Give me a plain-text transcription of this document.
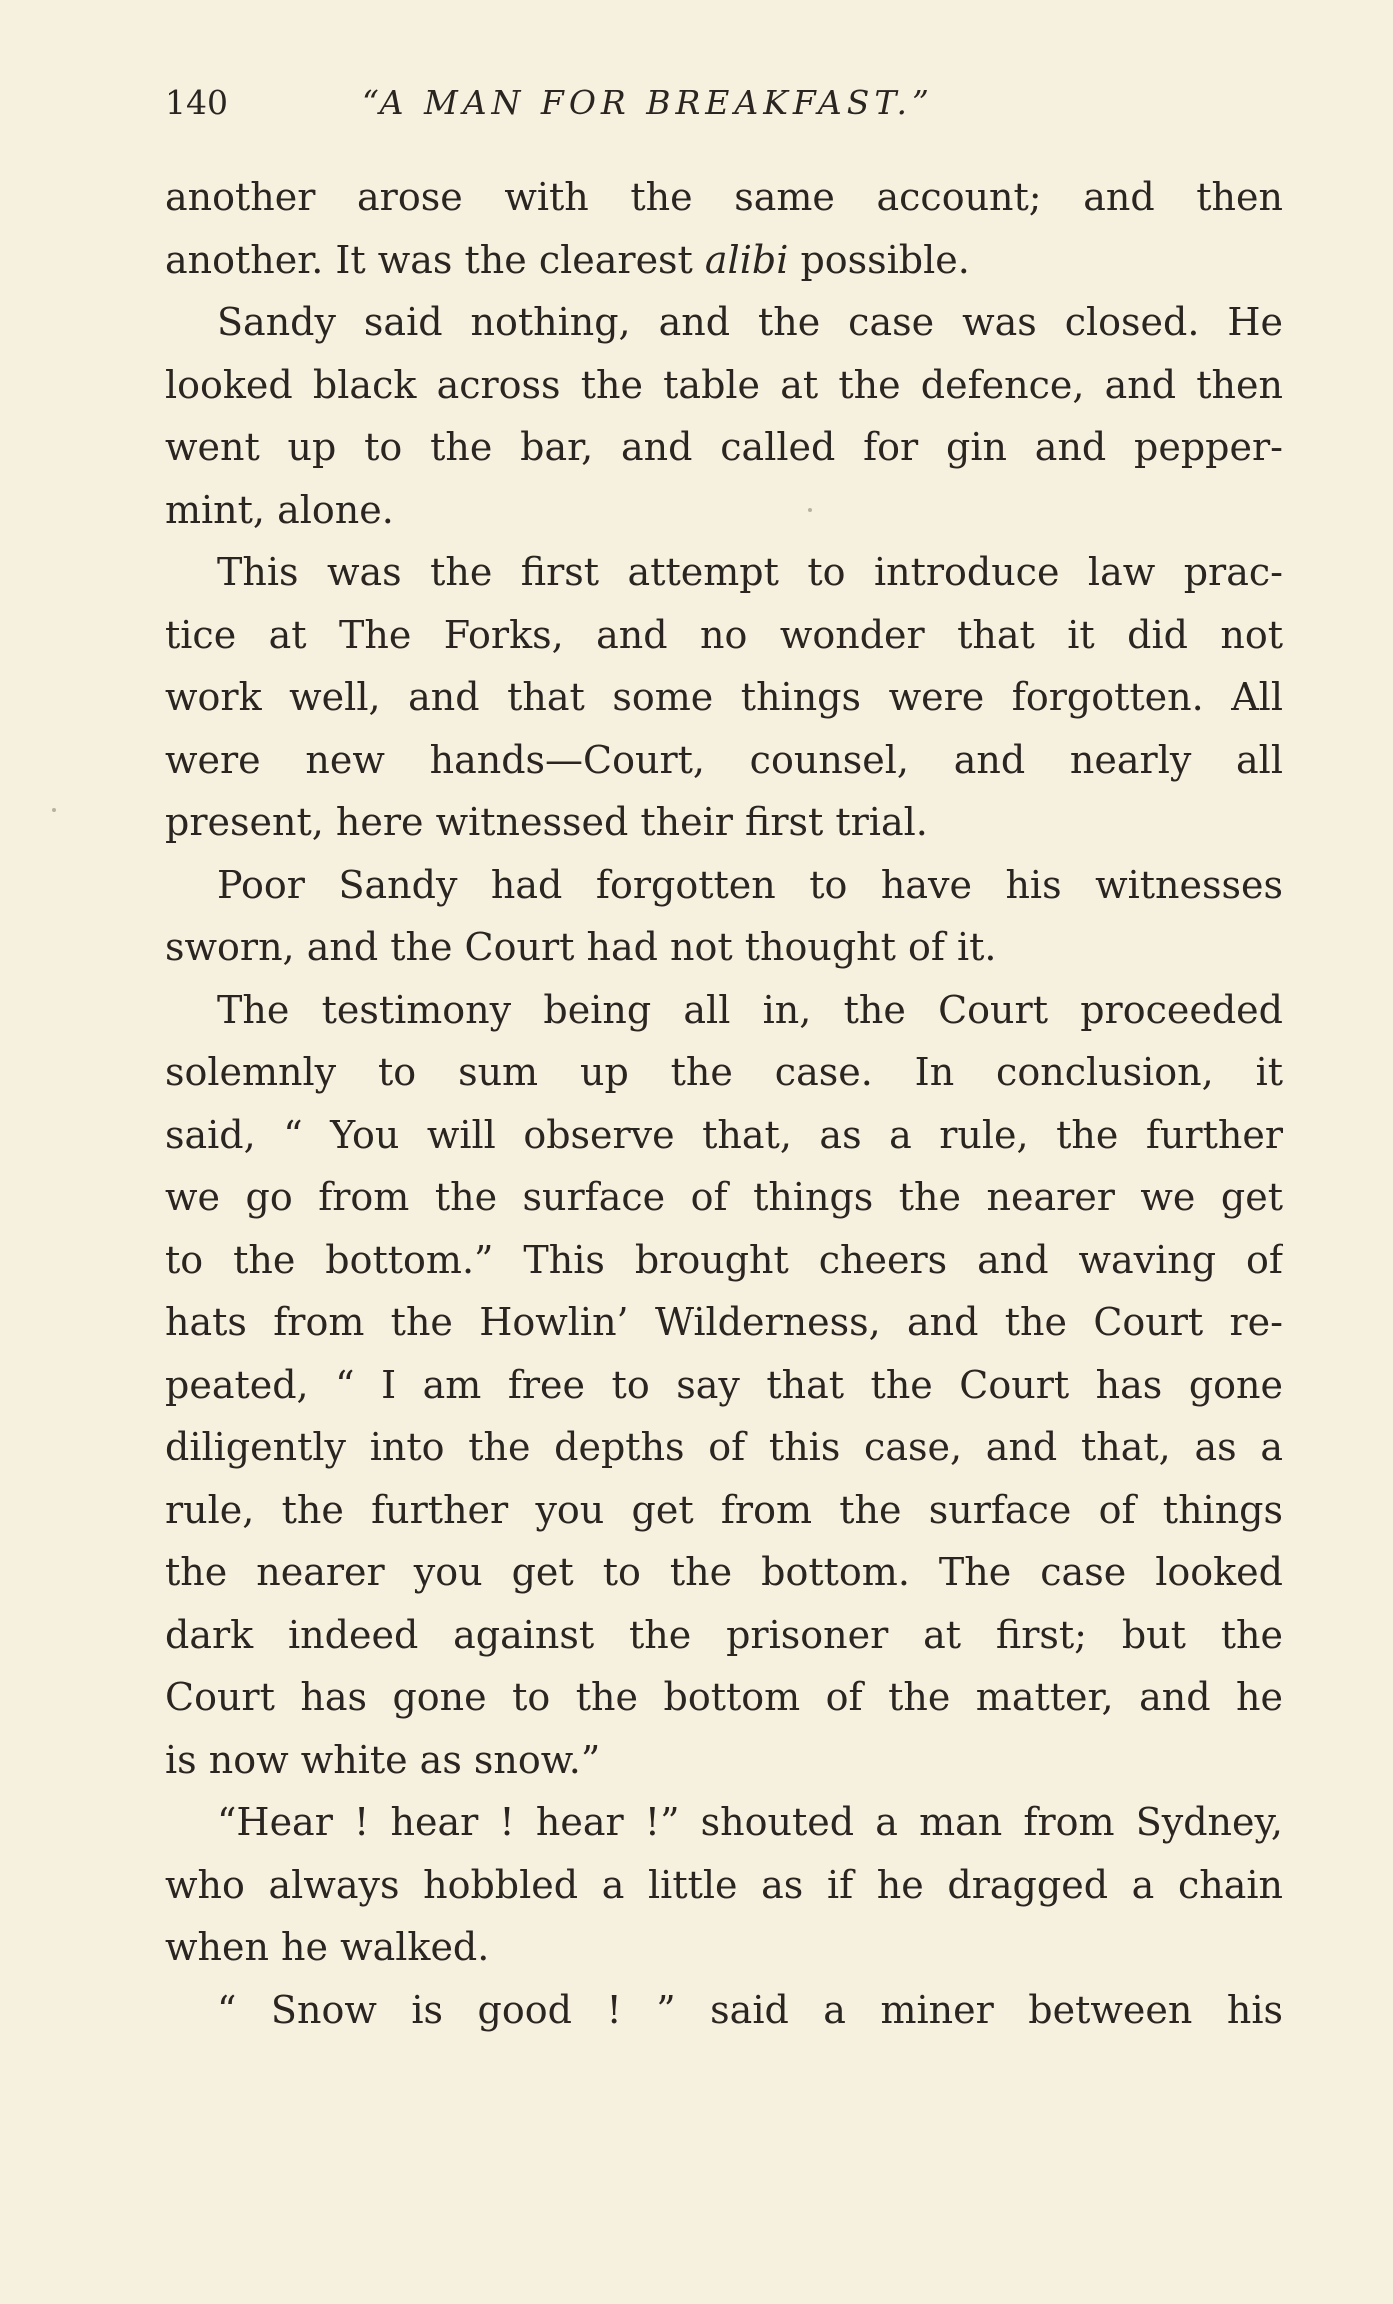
140	“A MAN FOR BREAKFAST.”
another arose with the same account; and then
another. It was the clearest alibi possible.
Sandy said nothing, and the case was closed. He
looked black across the table at the defence, and then
went up to the bar, and called for gin and pepper-
mint, alone.
This was the first attempt to introduce law prac-
tice at The Forks, and no wonder that it did not
work well, and that some things were forgotten. All
were new hands—Court, counsel, and nearly all
present, here witnessed their first trial.
Poor Sandy had forgotten to have his witnesses
sworn, and the Court had not thought of it.
The testimony being all in, the Court proceeded
solemnly to sum up the case. In conclusion, it
said, “ You will observe that, as a rule, the further
we go from the surface of things the nearer we get
to the bottom.” This brought cheers and waving of
hats from the Howlin’ Wilderness, and the Court re-
peated, “ I am free to say that the Court has gone
diligently into the depths of this case, and that, as a
rule, the further you get from the surface of things
the nearer you get to the bottom. The case looked
dark indeed against the prisoner at first; but the
Court has gone to the bottom of the matter, and he
is now white as snow.”
“Hear ! hear ! hear !” shouted a man from Sydney,
who always hobbled a little as if he dragged a chain
when he walked.
“ Snow is good ! ” said a miner between his
